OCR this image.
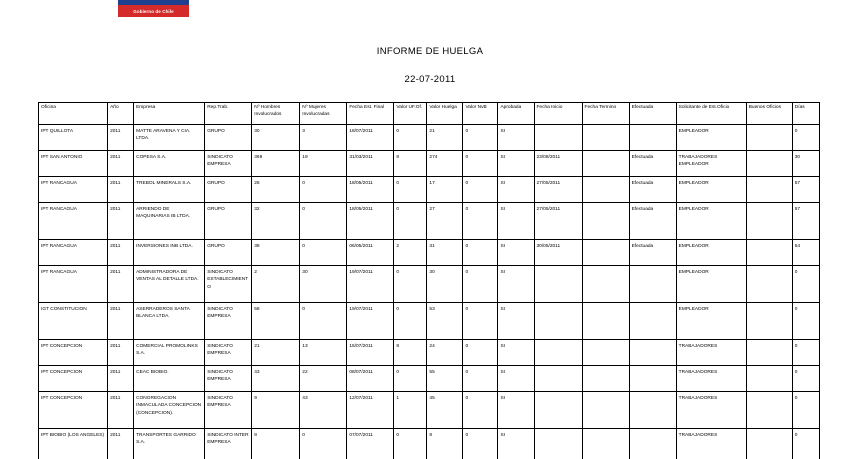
Gobierno de Chile
INFORME DE HUELGA
22-07-2011
Oficina	Año	Empresa	Rep.Trab.	Nº Hombres Involucrados	Nº Mujeres Involucradas	Fecha Est. Final	Valor UF.Of.	Valor Huelga	Valor NvB	Aprobada	Fecha Inicio	Fecha Termino	Efectuada	Solicitante de Est.Oficio	Buenos Oficios	Días
IPT QUILLOTA	2011	MATTE ARAVENA Y CIA. LTDA.	GRUPO	30	3	18/07/2011	0	21	0	SI				EMPLEADOR		0
IPT SAN ANTONIO	2011	COPESA S.A.	SINDICATO EMPRESA	369	19	31/03/2011	8	274	0	SI	23/08/2011		Efectuada	TRABAJADORES EMPLEADOR		30
IPT RANCAGUA	2011	TREBOL MINERALS S.A.	GRUPO	26	0	18/05/2011	0	17	0	SI	27/05/2011		Efectuada	EMPLEADOR		57
IPT RANCAGUA	2011	ARRIENDO DE MAQUINARIAS IB LTDA.	GRUPO	32	0	18/05/2011	0	27	0	SI	27/05/2011		Efectuada	EMPLEADOR		57
IPT RANCAGUA	2011	INVERSIONES INB LTDA.	GRUPO	38	0	06/05/2011	2	31	0	SI	30/05/2011		Efectuada	EMPLEADOR		54
IPT RANCAGUA	2011	ADMINISTRADORA DE VENTAS AL DETALLE LTDA.	SINDICATO ESTABLECIMIENTO	2	30	19/07/2011	0	30	0	SI				EMPLEADOR		0
IGT CONSTITUCION	2011	ASERRADEROS SANTA BLANCA LTDA.	SINDICATO EMPRESA	58	0	19/07/2011	0	53	0	SI				EMPLEADOR		0
IPT CONCEPCION	2011	COMERCIAL PROMOLINKS S.A.	SINDICATO EMPRESA	21	13	15/07/2011	8	24	0	SI				TRABAJADORES		0
IPT CONCEPCION	2011	CEAC BIOBIO.	SINDICATO EMPRESA	43	22	08/07/2011	0	55	0	SI				TRABAJADORES		0
IPT CONCEPCION	2011	CONGREGACION INMACULADA CONCEPCION (CONCEPCION).	SINDICATO EMPRESA	9	43	12/07/2011	1	45	0	SI				TRABAJADORES		0
IPT BIOBIO (LOS ANGELES)	2011	TRANSPORTES GARRIDO S.A.	SINDICATO INTER EMPRESA	8	0	07/07/2011	0	8	0	SI				TRABAJADORES		0
